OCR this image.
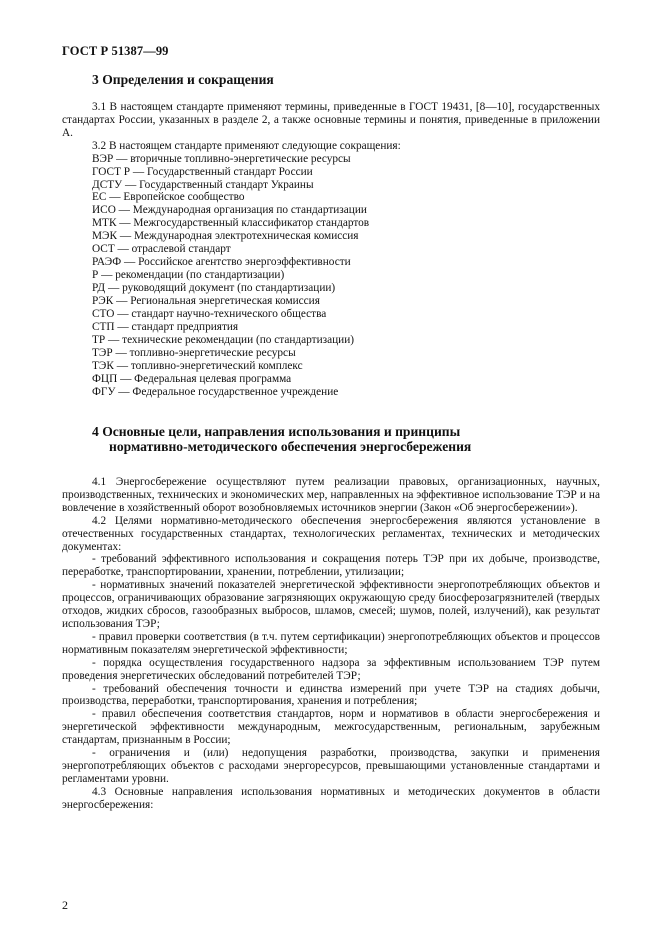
ГОСТ Р 51387—99
3 Определения и сокращения

3.1 В настоящем стандарте применяют термины, приведенные в ГОСТ 19431, [8—10], государственных стандартах России, указанных в разделе 2, а также основные термины и понятия, приведенные в приложении А.

3.2 В настоящем стандарте применяют следующие сокращения:

ВЭР — вторичные топливно-энергетические ресурсы

ГОСТ Р — Государственный стандарт России

ДСТУ — Государственный стандарт Украины

ЕС — Европейское сообщество

ИСО — Международная организация по стандартизации

МТК — Межгосударственный классификатор стандартов

МЭК — Международная электротехническая комиссия

ОСТ — отраслевой стандарт

РАЭФ — Российское агентство энергоэффективности

Р — рекомендации (по стандартизации)

РД — руководящий документ (по стандартизации)

РЭК — Региональная энергетическая комиссия

СТО — стандарт научно-технического общества

СТП — стандарт предприятия

ТР — технические рекомендации (по стандартизации)

ТЭР — топливно-энергетические ресурсы

ТЭК — топливно-энергетический комплекс

ФЦП — Федеральная целевая программа

ФГУ — Федеральное государственное учреждение

4 Основные цели, направления использования и принципы
нормативно-методического обеспечения энергосбережения

4.1 Энергосбережение осуществляют путем реализации правовых, организационных, научных, производственных, технических и экономических мер, направленных на эффективное использование ТЭР и на вовлечение в хозяйственный оборот возобновляемых источников энергии (Закон «Об энергосбережении»).

4.2 Целями нормативно-методического обеспечения энергосбережения являются установление в отечественных государственных стандартах, технологических регламентах, технических и методических документах:

- требований эффективного использования и сокращения потерь ТЭР при их добыче, производстве, переработке, транспортировании, хранении, потреблении, утилизации;

- нормативных значений показателей энергетической эффективности энергопотребляющих объектов и процессов, ограничивающих образование загрязняющих окружающую среду биосферозагрязнителей (твердых отходов, жидких сбросов, газообразных выбросов, шламов, смесей; шумов, полей, излучений), как результат использования ТЭР;

- правил проверки соответствия (в т.ч. путем сертификации) энергопотребляющих объектов и процессов нормативным показателям энергетической эффективности;

- порядка осуществления государственного надзора за эффективным использованием ТЭР путем проведения энергетических обследований потребителей ТЭР;

- требований обеспечения точности и единства измерений при учете ТЭР на стадиях добычи, производства, переработки, транспортирования, хранения и потребления;

- правил обеспечения соответствия стандартов, норм и нормативов в области энергосбережения и энергетической эффективности международным, межгосударственным, региональным, зарубежным стандартам, признанным в России;

- ограничения и (или) недопущения разработки, производства, закупки и применения энергопотребляющих объектов с расходами энергоресурсов, превышающими установленные стандартами и регламентами уровни.

4.3 Основные направления использования нормативных и методических документов в области энергосбережения:

2
